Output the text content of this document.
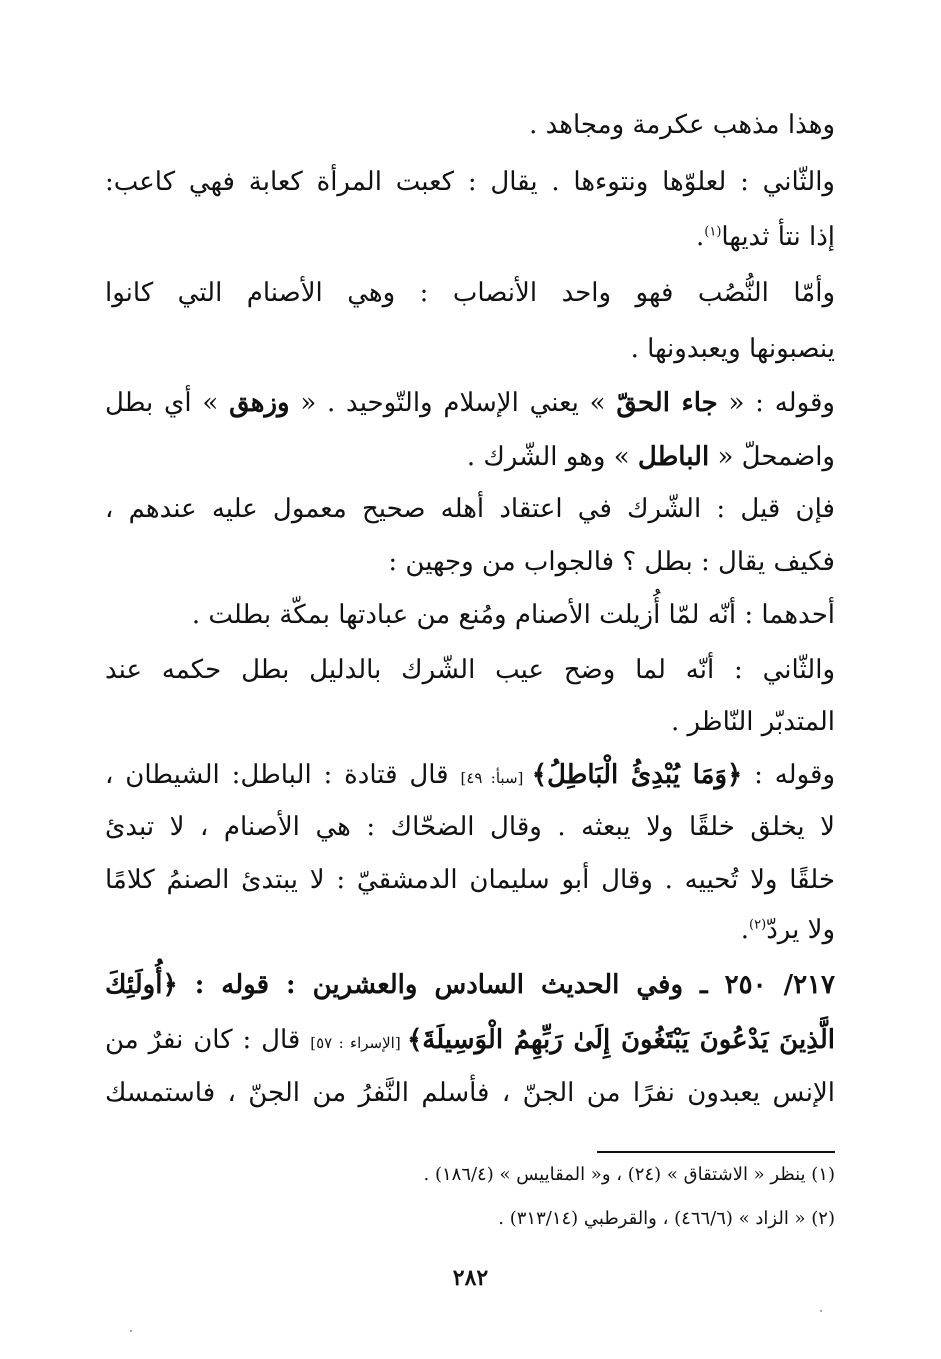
وهذا مذهب عكرمة ومجاهد .
والثّاني : لعلوّها ونتوءها . يقال : كعبت المرأة كعابة فهي كاعب:
إذا نتأ ثديها$^{(١)}$.
وأمّا النُّصُب فهو واحد الأنصاب : وهي الأصنام التي كانوا
ينصبونها ويعبدونها .
وقوله : « جاء الحقّ » يعني الإسلام والتّوحيد . « وزهق » أي بطل
واضمحلّ « الباطل » وهو الشّرك .
فإن قيل : الشّرك في اعتقاد أهله صحيح معمول عليه عندهم ،
فكيف يقال : بطل ؟ فالجواب من وجهين :
أحدهما : أنّه لمّا أُزيلت الأصنام ومُنع من عبادتها بمكّة بطلت .
والثّاني : أنّه لما وضح عيب الشّرك بالدليل بطل حكمه عند
المتدبّر النّاظر .
وقوله : ﴿وَمَا يُبْدِئُ الْبَاطِلُ﴾ [سبأ: ٤٩] قال قتادة : الباطل: الشيطان ،
لا يخلق خلقًا ولا يبعثه . وقال الضحّاك : هي الأصنام ، لا تبدئ
خلقًا ولا تُحييه . وقال أبو سليمان الدمشقيّ : لا يبتدئ الصنمُ كلامًا
ولا يردّ$^{(٢)}$.
٢١٧/ ٢٥٠ ـ وفي الحديث السادس والعشرين : قوله : ﴿أُولَئِكَ
الَّذِينَ يَدْعُونَ يَبْتَغُونَ إِلَىٰ رَبِّهِمُ الْوَسِيلَةَ﴾ [الإسراء : ٥٧] قال : كان نفرٌ من
الإنس يعبدون نفرًا من الجنّ ، فأسلم النَّفرُ من الجنّ ، فاستمسك
(١) ينظر « الاشتقاق » (٢٤) ، و« المقاييس » (١٨٦/٤) .
(٢) « الزاد » (٤٦٦/٦) ، والقرطبي (٣١٣/١٤) .
٢٨٢
